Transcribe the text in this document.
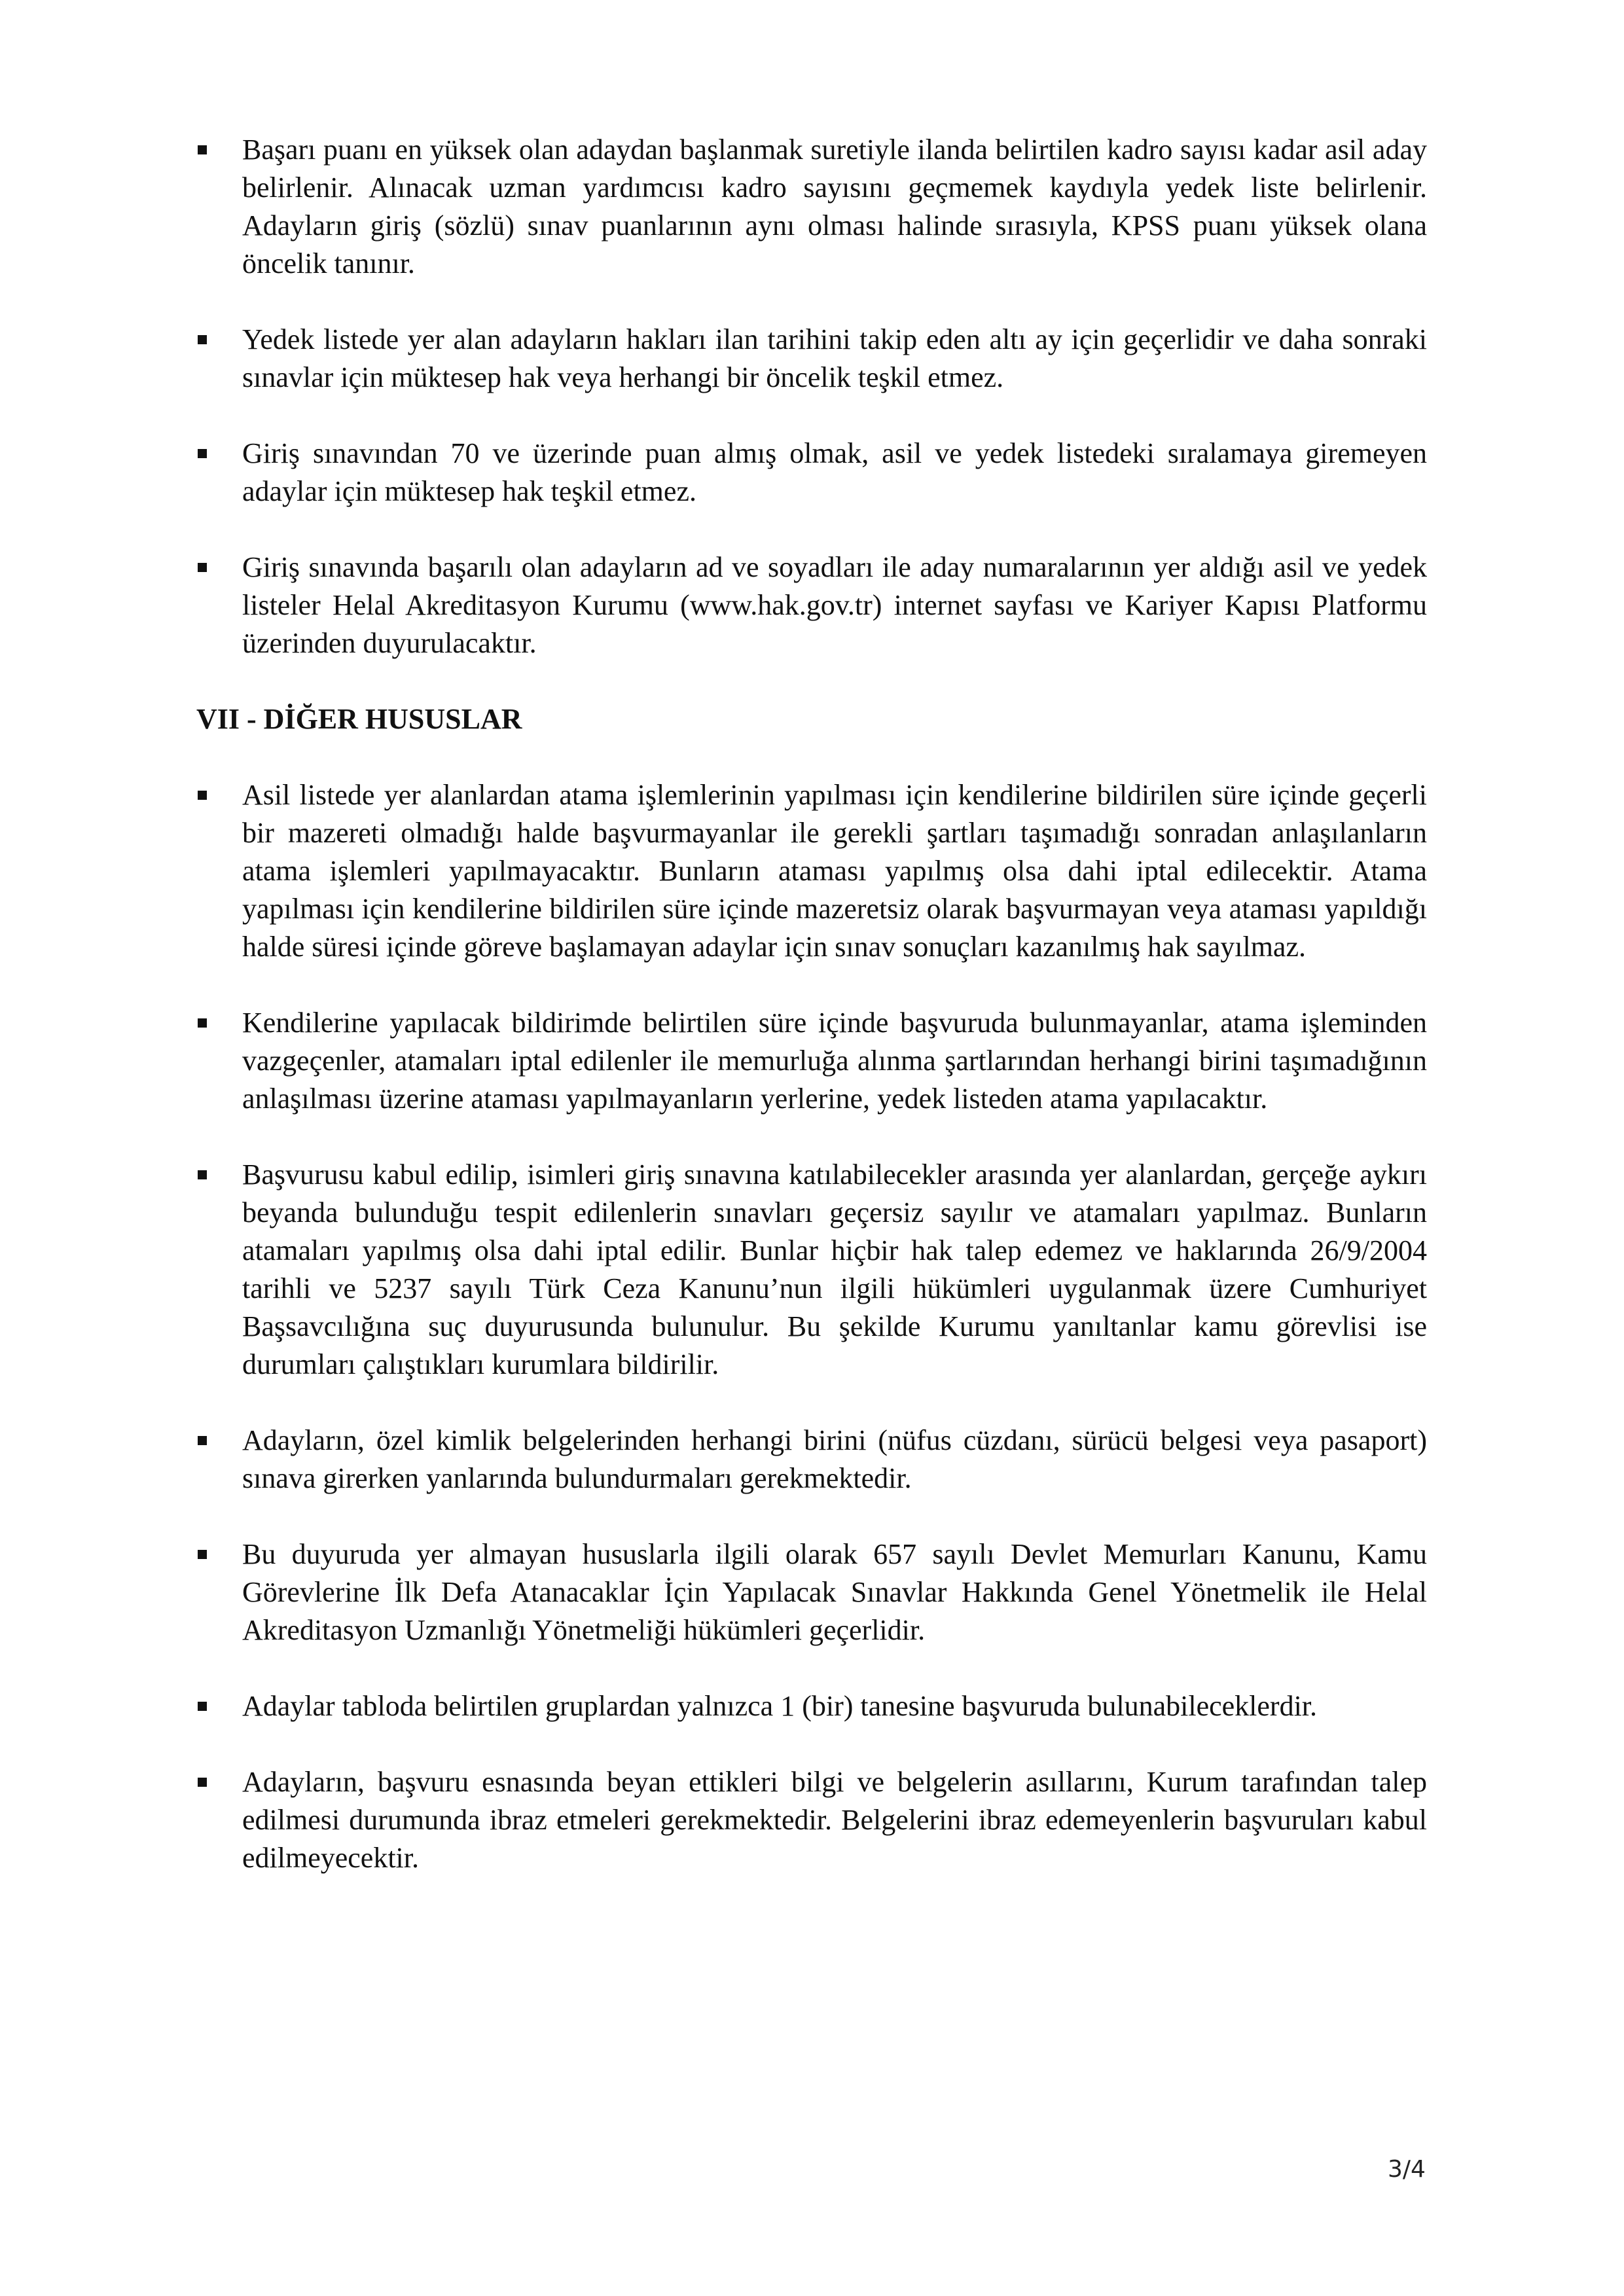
Başarı puanı en yüksek olan adaydan başlanmak suretiyle ilanda belirtilen kadro sayısı kadar asil aday belirlenir. Alınacak uzman yardımcısı kadro sayısını geçmemek kaydıyla yedek liste belirlenir. Adayların giriş (sözlü) sınav puanlarının aynı olması halinde sırasıyla, KPSS puanı yüksek olana öncelik tanınır.
Yedek listede yer alan adayların hakları ilan tarihini takip eden altı ay için geçerlidir ve daha sonraki sınavlar için müktesep hak veya herhangi bir öncelik teşkil etmez.
Giriş sınavından 70 ve üzerinde puan almış olmak, asil ve yedek listedeki sıralamaya giremeyen adaylar için müktesep hak teşkil etmez.
Giriş sınavında başarılı olan adayların ad ve soyadları ile aday numaralarının yer aldığı asil ve yedek listeler Helal Akreditasyon Kurumu (www.hak.gov.tr) internet sayfası ve Kariyer Kapısı Platformu üzerinden duyurulacaktır.
VII - DİĞER HUSUSLAR
Asil listede yer alanlardan atama işlemlerinin yapılması için kendilerine bildirilen süre içinde geçerli bir mazereti olmadığı halde başvurmayanlar ile gerekli şartları taşımadığı sonradan anlaşılanların atama işlemleri yapılmayacaktır. Bunların ataması yapılmış olsa dahi iptal edilecektir. Atama yapılması için kendilerine bildirilen süre içinde mazeretsiz olarak başvurmayan veya ataması yapıldığı halde süresi içinde göreve başlamayan adaylar için sınav sonuçları kazanılmış hak sayılmaz.
Kendilerine yapılacak bildirimde belirtilen süre içinde başvuruda bulunmayanlar, atama işleminden vazgeçenler, atamaları iptal edilenler ile memurluğa alınma şartlarından herhangi birini taşımadığının anlaşılması üzerine ataması yapılmayanların yerlerine, yedek listeden atama yapılacaktır.
Başvurusu kabul edilip, isimleri giriş sınavına katılabilecekler arasında yer alanlardan, gerçeğe aykırı beyanda bulunduğu tespit edilenlerin sınavları geçersiz sayılır ve atamaları yapılmaz. Bunların atamaları yapılmış olsa dahi iptal edilir. Bunlar hiçbir hak talep edemez ve haklarında 26/9/2004 tarihli ve 5237 sayılı Türk Ceza Kanunu’nun ilgili hükümleri uygulanmak üzere Cumhuriyet Başsavcılığına suç duyurusunda bulunulur. Bu şekilde Kurumu yanıltanlar kamu görevlisi ise durumları çalıştıkları kurumlara bildirilir.
Adayların, özel kimlik belgelerinden herhangi birini (nüfus cüzdanı, sürücü belgesi veya pasaport) sınava girerken yanlarında bulundurmaları gerekmektedir.
Bu duyuruda yer almayan hususlarla ilgili olarak 657 sayılı Devlet Memurları Kanunu, Kamu Görevlerine İlk Defa Atanacaklar İçin Yapılacak Sınavlar Hakkında Genel Yönetmelik ile Helal Akreditasyon Uzmanlığı Yönetmeliği hükümleri geçerlidir.
Adaylar tabloda belirtilen gruplardan yalnızca 1 (bir) tanesine başvuruda bulunabileceklerdir.
Adayların, başvuru esnasında beyan ettikleri bilgi ve belgelerin asıllarını, Kurum tarafından talep edilmesi durumunda ibraz etmeleri gerekmektedir. Belgelerini ibraz edemeyenlerin başvuruları kabul edilmeyecektir.
3/4
